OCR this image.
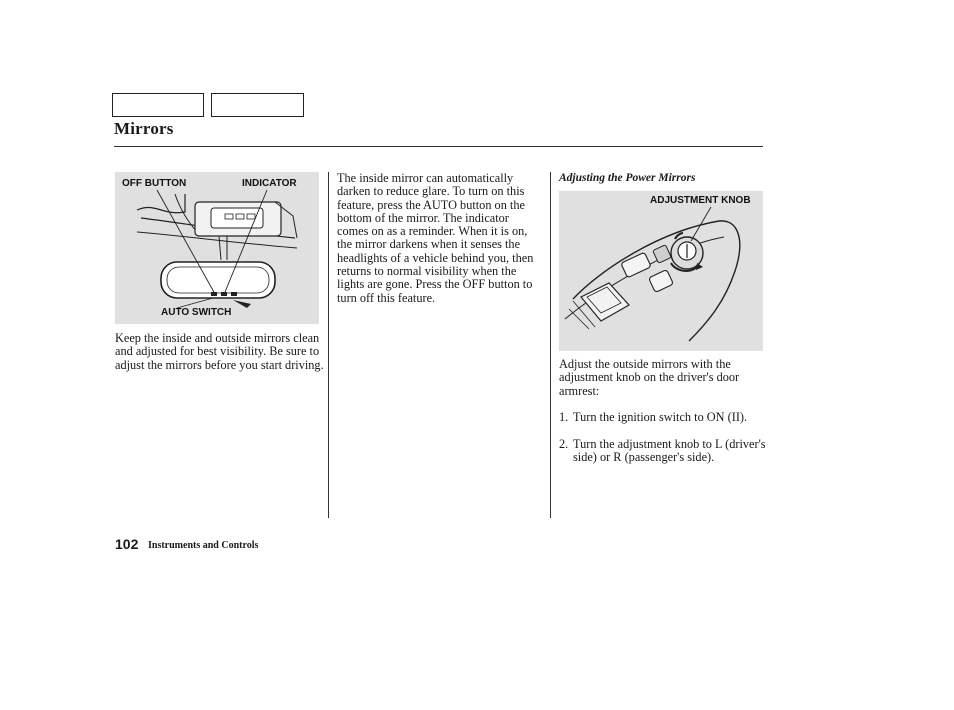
Mirrors
OFF BUTTON	INDICATOR
AUTO SWITCH
Keep the inside and outside mirrors clean and adjusted for best visibility. Be sure to adjust the mirrors before you start driving.
The inside mirror can automatically darken to reduce glare. To turn on this feature, press the AUTO button on the bottom of the mirror. The indicator comes on as a reminder. When it is on, the mirror darkens when it senses the headlights of a vehicle behind you, then returns to normal visibility when the lights are gone. Press the OFF button to turn off this feature.
Adjusting the Power Mirrors
ADJUSTMENT KNOB
Adjust the outside mirrors with the adjustment knob on the driver's door armrest:
1. Turn the ignition switch to ON (II).
2. Turn the adjustment knob to L (driver's side) or R (passenger's side).
102 Instruments and Controls
